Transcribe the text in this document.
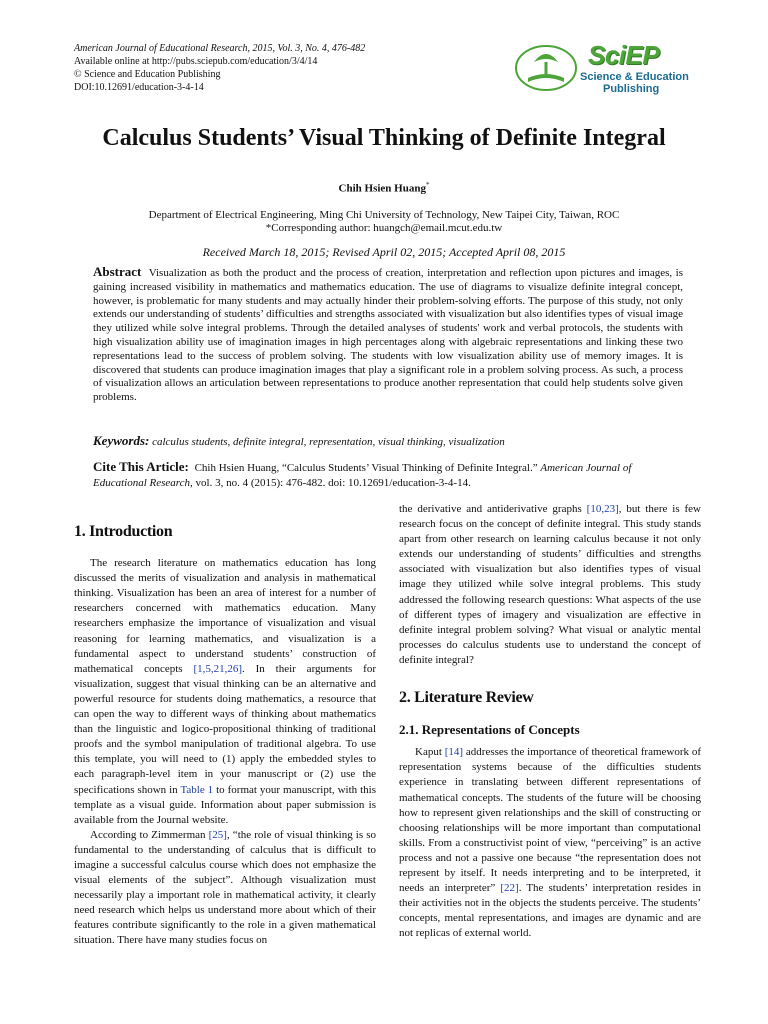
American Journal of Educational Research, 2015, Vol. 3, No. 4, 476-482
Available online at http://pubs.sciepub.com/education/3/4/14
© Science and Education Publishing
DOI:10.12691/education-3-4-14
SciEP
Science & Education
Publishing
Calculus Students’ Visual Thinking of Definite Integral
Chih Hsien Huang*
Department of Electrical Engineering, Ming Chi University of Technology, New Taipei City, Taiwan, ROC
*Corresponding author: huangch@email.mcut.edu.tw
Received March 18, 2015; Revised April 02, 2015; Accepted April 08, 2015
Abstract Visualization as both the product and the process of creation, interpretation and reflection upon pictures and images, is gaining increased visibility in mathematics and mathematics education. The use of diagrams to visualize definite integral concept, however, is problematic for many students and may actually hinder their problem-solving efforts. The purpose of this study, not only extends our understanding of students’ difficulties and strengths associated with visualization but also identifies types of visual image they utilized while solve integral problems. Through the detailed analyses of students' work and verbal protocols, the students with high visualization ability use of imagination images in high percentages along with algebraic representations and linking these two representations lead to the success of problem solving. The students with low visualization ability use of memory images. It is discovered that students can produce imagination images that play a significant role in a problem solving process. As such, a process of visualization allows an articulation between representations to produce another representation that could help students solve given problems.
Keywords: calculus students, definite integral, representation, visual thinking, visualization
Cite This Article: Chih Hsien Huang, “Calculus Students’ Visual Thinking of Definite Integral.” American Journal of Educational Research, vol. 3, no. 4 (2015): 476-482. doi: 10.12691/education-3-4-14.
1. Introduction

The research literature on mathematics education has long discussed the merits of visualization and analysis in mathematical thinking. Visualization has been an area of interest for a number of researchers concerned with mathematics education. Many researchers emphasize the importance of visualization and visual reasoning for learning mathematics, and visualization is a fundamental aspect to understand students’ construction of mathematical concepts [1,5,21,26]. In their arguments for visualization, suggest that visual thinking can be an alternative and powerful resource for students doing mathematics, a resource that can open the way to different ways of thinking about mathematics than the linguistic and logico-propositional thinking of traditional proofs and the symbol manipulation of traditional algebra. To use this template, you will need to (1) apply the embedded styles to each paragraph-level item in your manuscript or (2) use the specifications shown in Table 1 to format your manuscript, with this template as a visual guide. Information about paper submission is available from the Journal website.

According to Zimmerman [25], “the role of visual thinking is so fundamental to the understanding of calculus that is difficult to imagine a successful calculus course which does not emphasize the visual elements of the subject”. Although visualization must necessarily play a important role in mathematical activity, it clearly need research which helps us understand more about which of their features contribute significantly to the role in a given mathematical situation. There have many studies focus on

the derivative and antiderivative graphs [10,23], but there is few research focus on the concept of definite integral. This study stands apart from other research on learning calculus because it not only extends our understanding of students’ difficulties and strengths associated with visualization but also identifies types of visual image they utilized while solve integral problems. This study addressed the following research questions: What aspects of the use of different types of imagery and visualization are effective in definite integral problem solving? What visual or analytic mental processes do calculus students use to understand the concept of definite integral?

2. Literature Review
2.1. Representations of Concepts

Kaput [14] addresses the importance of theoretical framework of representation systems because of the difficulties students experience in translating between different representations of mathematical concepts. The students of the future will be choosing how to represent given relationships and the skill of constructing or choosing relationships will be more important than computational skills. From a constructivist point of view, “perceiving” is an active process and not a passive one because “the representation does not represent by itself. It needs interpreting and to be interpreted, it needs an interpreter” [22]. The students’ interpretation resides in their activities not in the objects the students perceive. The students’ concepts, mental representations, and images are dynamic and are not replicas of external world.
